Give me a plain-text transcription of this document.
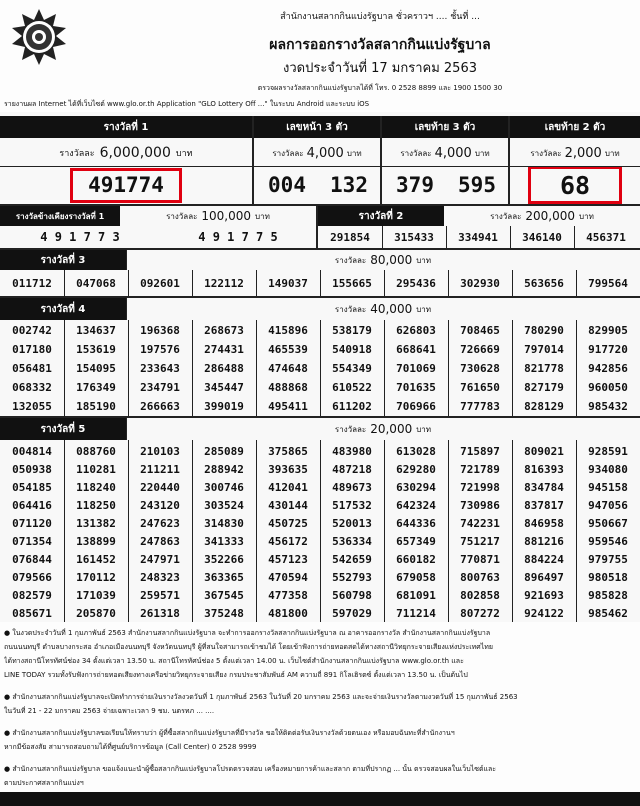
สำนักงานสลากกินแบ่งรัฐบาล ชั่วคราวฯ .... ชั้นที่ ...
ผลการออกรางวัลสลากกินแบ่งรัฐบาล
งวดประจำวันที่ 17 มกราคม 2563
ตรวจผลรางวัลสลากกินแบ่งรัฐบาลได้ที่ โทร. 0 2528 8899 และ 1900 1500 30
รายงานผล Internet ได้ที่เว็บไซต์ www.glo.or.th Application "GLO Lottery Off ..." ในระบบ Android และระบบ iOS
รางวัลที่ 1	เลขหน้า 3 ตัว	เลขท้าย 3 ตัว	เลขท้าย 2 ตัว
รางวัลละ 6,000,000 บาท	รางวัลละ 4,000 บาท	รางวัลละ 4,000 บาท	รางวัลละ 2,000 บาท
491774	004	132	379	595	68
รางวัลข้างเคียงรางวัลที่ 1	รางวัลละ 100,000 บาท
4 9 1 7 7 3	4 9 1 7 7 5
รางวัลที่ 2	รางวัลละ 200,000 บาท
รางวัลที่ 3	รางวัลละ 80,000 บาท
รางวัลที่ 4	รางวัลละ 40,000 บาท
รางวัลที่ 5	รางวัลละ 20,000 บาท
● ในงวดประจำวันที่ 1 กุมภาพันธ์ 2563 สำนักงานสลากกินแบ่งรัฐบาล จะทำการออกรางวัลสลากกินแบ่งรัฐบาล ณ อาคารออกรางวัล สำนักงานสลากกินแบ่งรัฐบาล
ถนนนนทบุรี ตำบลบางกระสอ อำเภอเมืองนนทบุรี จังหวัดนนทบุรี ผู้ที่สนใจสามารถเข้าชมได้ โดยเข้าฟังการถ่ายทอดสดได้ทางสถานีวิทยุกระจายเสียงแห่งประเทศไทย
ได้ทางสถานีโทรทัศน์ช่อง 34 ตั้งแต่เวลา 13.50 น. สถานีโทรทัศน์ช่อง 5 ตั้งแต่เวลา 14.00 น. เว็บไซต์สำนักงานสลากกินแบ่งรัฐบาล www.glo.or.th และ
LINE TODAY รวมทั้งรับฟังการถ่ายทอดเสียงทางเครือข่ายวิทยุกระจายเสียง กรมประชาสัมพันธ์ AM ความถี่ 891 กิโลเฮิรตซ์ ตั้งแต่เวลา 13.50 น. เป็นต้นไป
● สำนักงานสลากกินแบ่งรัฐบาลจะเปิดทำการจ่ายเงินรางวัลงวดวันที่ 1 กุมภาพันธ์ 2563 ในวันที่ 20 มกราคม 2563 และจะจ่ายเงินรางวัลตามงวดวันที่ 15 กุมภาพันธ์ 2563
ในวันที่ 21 - 22 มกราคม 2563 จ่ายเฉพาะเวลา 9 ชม. นตรทภ ... ....
● สำนักงานสลากกินแบ่งรัฐบาลขอเรียนให้ทราบว่า ผู้ที่ซื้อสลากกินแบ่งรัฐบาลที่มีรางวัล ขอให้ติดต่อรับเงินรางวัลด้วยตนเอง หรือมอบฉันทะที่สำนักงานฯ
หากมีข้อสงสัย สามารถสอบถามได้ที่ศูนย์บริการข้อมูล (Call Center) 0 2528 9999
● สำนักงานสลากกินแบ่งรัฐบาล ขอแจ้งแนะนำผู้ซื้อสลากกินแบ่งรัฐบาลโปรดตรวจสอบ เครื่องหมายการค้าและสลาก ตามที่ปรากฏ ... นั้น ตรวจสอบผลในเว็บไซต์และ
ตามประกาศสลากกินแบ่งฯ
291854	315433	334941	346140	456371
011712	047068	092601	122112	149037	155665	295436	302930	563656	799564
002742	134637	196368	268673	415896	538179	626803	708465	780290	829905
017180	153619	197576	274431	465539	540918	668641	726669	797014	917720
056481	154095	233643	286488	474648	554349	701069	730628	821778	942856
068332	176349	234791	345447	488868	610522	701635	761650	827179	960050
132055	185190	266663	399019	495411	611202	706966	777783	828129	985432
004814	088760	210103	285089	375865	483980	613028	715897	809021	928591
050938	110281	211211	288942	393635	487218	629280	721789	816393	934080
054185	118240	220440	300746	412041	489673	630294	721998	834784	945158
064416	118250	243120	303524	430144	517532	642324	730986	837817	947056
071120	131382	247623	314830	450725	520013	644336	742231	846958	950667
071354	138899	247863	341333	456172	536334	657349	751217	881216	959546
076844	161452	247971	352266	457123	542659	660182	770871	884224	979755
079566	170112	248323	363365	470594	552793	679058	800763	896497	980518
082579	171039	259571	367545	477358	560798	681091	802858	921693	985828
085671	205870	261318	375248	481800	597029	711214	807272	924122	985462
